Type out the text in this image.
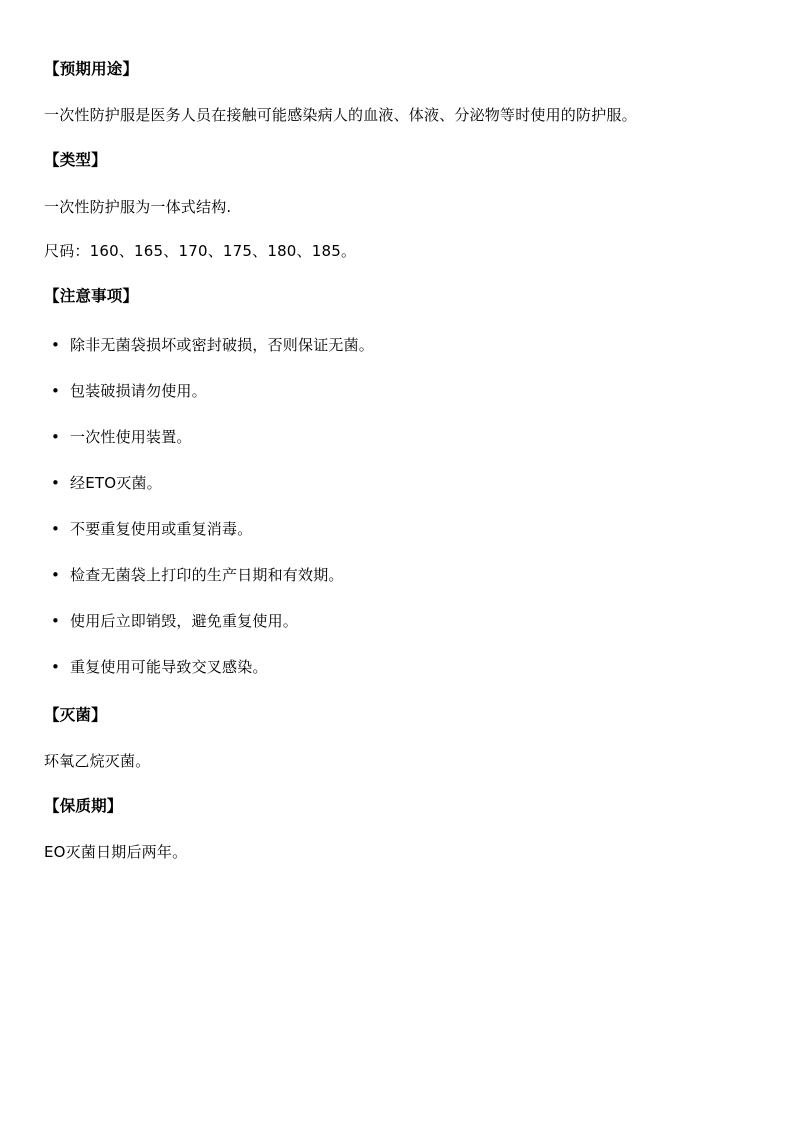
【预期用途】

一次性防护服是医务人员在接触可能感染病人的血液、体液、分泌物等时使用的防护服。

【类型】

一次性防护服为一体式结构.

尺码：160、165、170、175、180、185。

【注意事项】
• 除非无菌袋损坏或密封破损，否则保证无菌。
• 包装破损请勿使用。
• 一次性使用装置。
• 经ETO灭菌。
• 不要重复使用或重复消毒。
• 检查无菌袋上打印的生产日期和有效期。
• 使用后立即销毁，避免重复使用。
• 重复使用可能导致交叉感染。
【灭菌】

环氧乙烷灭菌。

【保质期】

EO灭菌日期后两年。
